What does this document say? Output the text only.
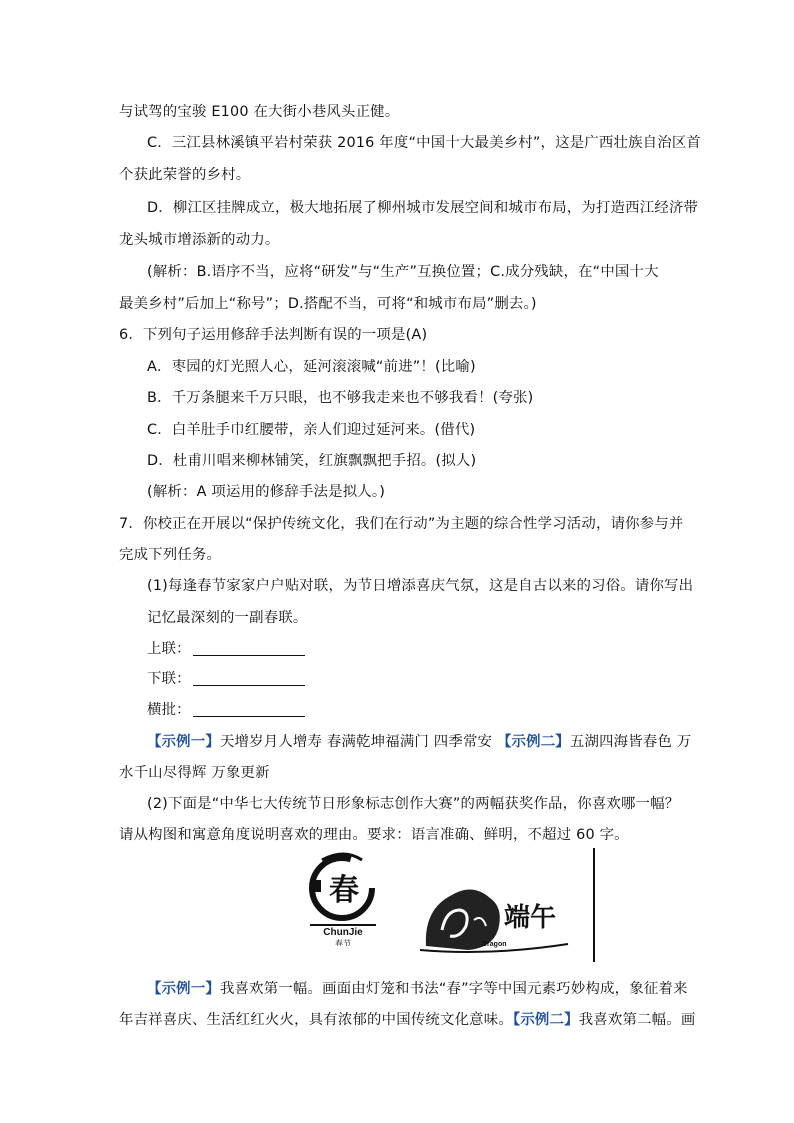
与试驾的宝骏 E100 在大街小巷风头正健。
C．三江县林溪镇平岩村荣获 2016 年度“中国十大最美乡村”，这是广西壮族自治区首
个获此荣誉的乡村。
D．柳江区挂牌成立，极大地拓展了柳州城市发展空间和城市布局，为打造西江经济带
龙头城市增添新的动力。
(解析：B.语序不当，应将“研发”与“生产”互换位置；C.成分残缺，在“中国十大
最美乡村”后加上“称号”；D.搭配不当，可将“和城市布局”删去。)
6．下列句子运用修辞手法判断有误的一项是(A)
A．枣园的灯光照人心，延河滚滚喊“前进”！(比喻)
B．千万条腿来千万只眼，也不够我走来也不够我看！(夸张)
C．白羊肚手巾红腰带，亲人们迎过延河来。(借代)
D．杜甫川唱来柳林铺笑，红旗飘飘把手招。(拟人)
(解析：A 项运用的修辞手法是拟人。)
7．你校正在开展以“保护传统文化，我们在行动”为主题的综合性学习活动，请你参与并
完成下列任务。
(1)每逢春节家家户户贴对联，为节日增添喜庆气氛，这是自古以来的习俗。请你写出
记忆最深刻的一副春联。
上联：
下联：
横批：
【示例一】天增岁月人增寿 春满乾坤福满门 四季常安 【示例二】五湖四海皆春色 万
水千山尽得辉 万象更新
(2)下面是“中华七大传统节日形象标志创作大赛”的两幅获奖作品，你喜欢哪一幅？
请从构图和寓意角度说明喜欢的理由。要求：语言准确、鲜明，不超过 60 字。
春
ChunJie
春节
端午
Dragon
【示例一】我喜欢第一幅。画面由灯笼和书法“春”字等中国元素巧妙构成，象征着来
年吉祥喜庆、生活红红火火，具有浓郁的中国传统文化意味。【示例二】我喜欢第二幅。画
